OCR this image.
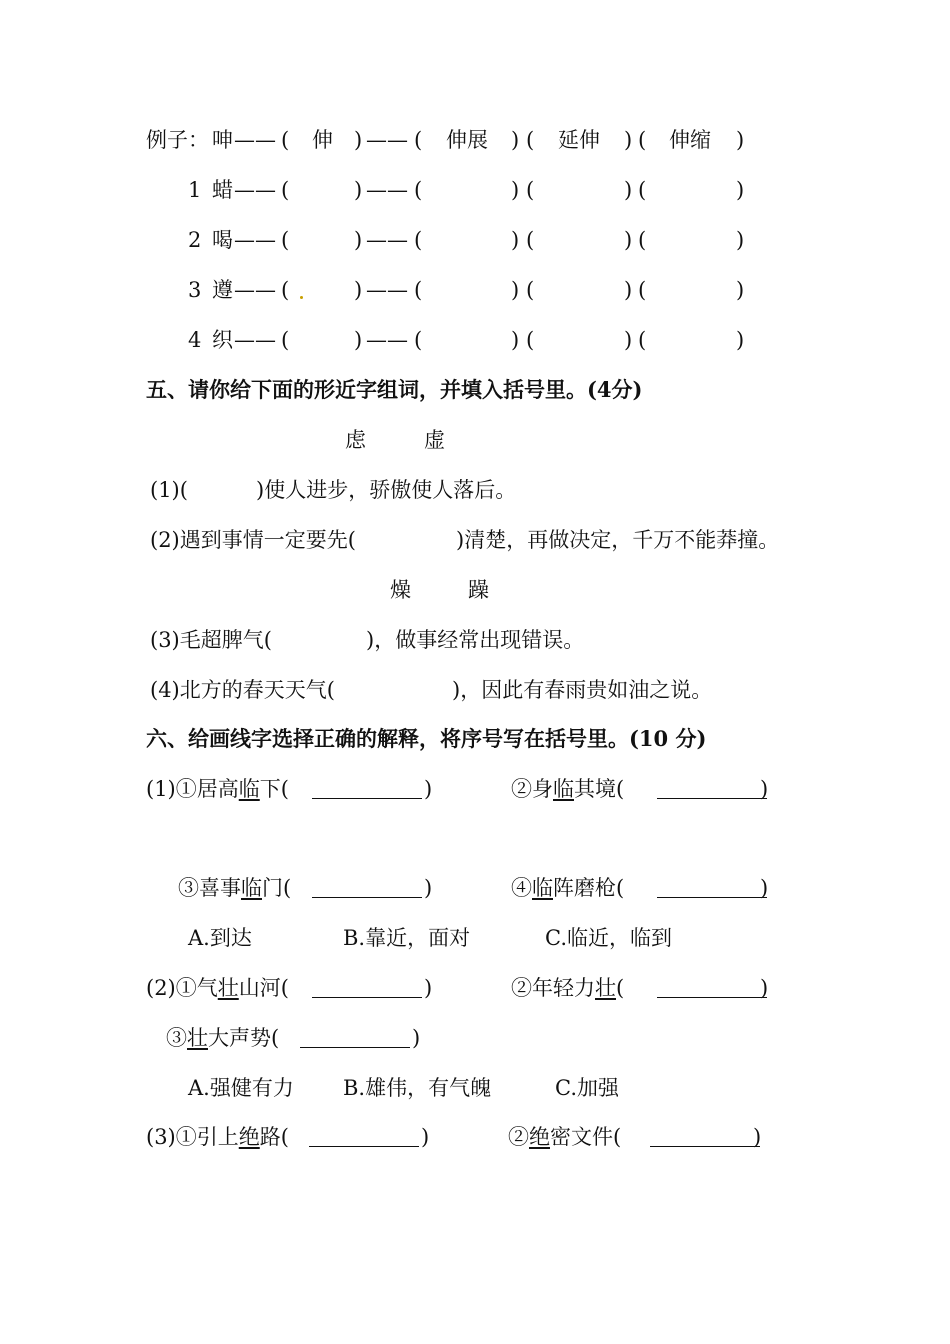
例子： 呻 —— ( 伸 ) —— ( 伸展 ) ( 延伸 ) ( 伸缩 )
1 蜡 —— (	) —— (	) (	) (	)
2 喝 —— (	) —— (	) (	) (	)
3 遵 —— (	) —— (	) (	) (	)
4 织 —— (	) —— (	) (	) (	)
五、请你给下面的形近字组词，并填入括号里。(4分)
虑	虚
(1)(	)使人进步，骄傲使人落后。
(2)遇到事情一定要先(	)清楚，再做决定，千万不能莽撞。
燥	躁
(3)毛超脾气(	)，做事经常出现错误。
(4)北方的春天天气(	)，因此有春雨贵如油之说。
六、给画线字选择正确的解释，将序号写在括号里。(10 分)
(1)①居高临下(	)	②身临其境(	)
③喜事临门(	)	④临阵磨枪(	)
A.到达	B.靠近，面对	C.临近，临到
(2)①气壮山河(	)	②年轻力壮(	)
③壮大声势(	)
A.强健有力 B.雄伟，有气魄	C.加强
(3)①引上绝路(	)	②绝密文件(	)
